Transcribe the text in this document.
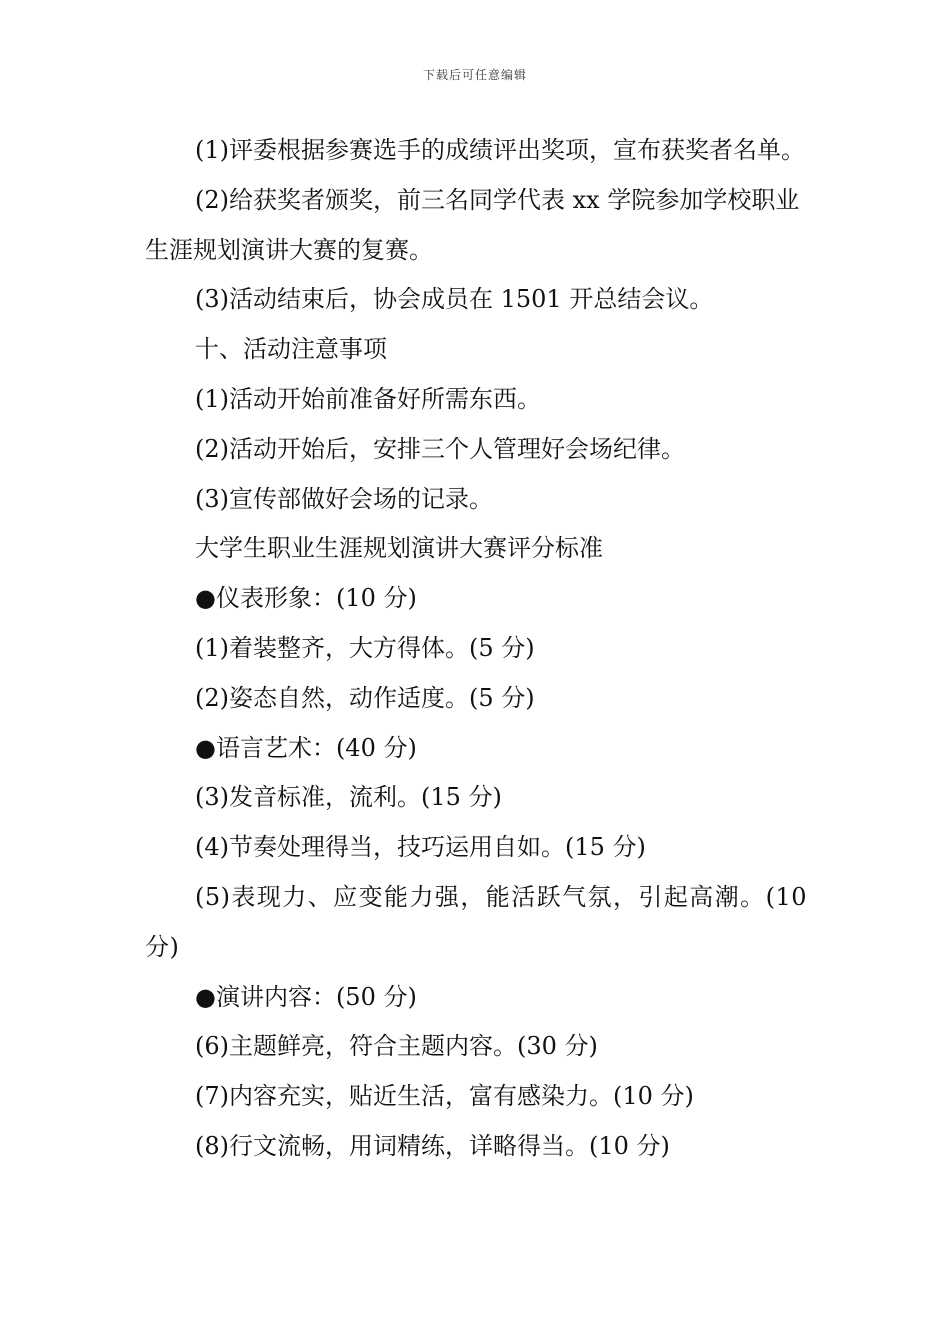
下载后可任意编辑

(1)评委根据参赛选手的成绩评出奖项，宣布获奖者名单。

(2)给获奖者颁奖，前三名同学代表 xx 学院参加学校职业生涯规划演讲大赛的复赛。

(3)活动结束后，协会成员在 1501 开总结会议。

十、活动注意事项

(1)活动开始前准备好所需东西。

(2)活动开始后，安排三个人管理好会场纪律。

(3)宣传部做好会场的记录。

大学生职业生涯规划演讲大赛评分标准

●仪表形象：(10 分)

(1)着装整齐，大方得体。(5 分)

(2)姿态自然，动作适度。(5 分)

●语言艺术：(40 分)

(3)发音标准，流利。(15 分)

(4)节奏处理得当，技巧运用自如。(15 分)

(5)表现力、应变能力强，能活跃气氛，引起高潮。(10 分)

●演讲内容：(50 分)

(6)主题鲜亮，符合主题内容。(30 分)

(7)内容充实，贴近生活，富有感染力。(10 分)

(8)行文流畅，用词精练，详略得当。(10 分)
